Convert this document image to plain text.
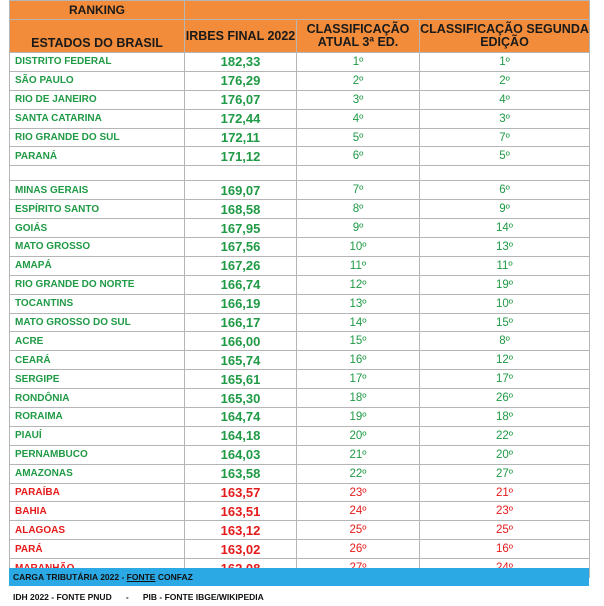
RANKING			
ESTADOS DO BRASIL	IRBES FINAL 2022	CLASSIFICAÇÃO ATUAL 3ª ED.	CLASSIFICAÇÃO SEGUNDA EDIÇÃO
DISTRITO FEDERAL	182,33	1º	1º
SÃO PAULO	176,29	2º	2º
RIO DE JANEIRO	176,07	3º	4º
SANTA CATARINA	172,44	4º	3º
RIO GRANDE DO SUL	172,11	5º	7º
PARANÁ	171,12	6º	5º

MINAS GERAIS	169,07	7º	6º
ESPÍRITO SANTO	168,58	8º	9º
GOIÁS	167,95	9º	14º
MATO GROSSO	167,56	10º	13º
AMAPÁ	167,26	11º	11º
RIO GRANDE DO NORTE	166,74	12º	19º
TOCANTINS	166,19	13º	10º
MATO GROSSO DO SUL	166,17	14º	15º
ACRE	166,00	15º	8º
CEARÁ	165,74	16º	12º
SERGIPE	165,61	17º	17º
RONDÔNIA	165,30	18º	26º
RORAIMA	164,74	19º	18º
PIAUÍ	164,18	20º	22º
PERNAMBUCO	164,03	21º	20º
AMAZONAS	163,58	22º	27º
PARAÍBA	163,57	23º	21º
BAHIA	163,51	24º	23º
ALAGOAS	163,12	25º	25º
PARÁ	163,02	26º	16º

CARGA TRIBUTÁRIA 2022 - FONTE CONFAZ
IDH 2022 - FONTE PNUD      -      PIB - FONTE IBGE/WIKIPEDIA
